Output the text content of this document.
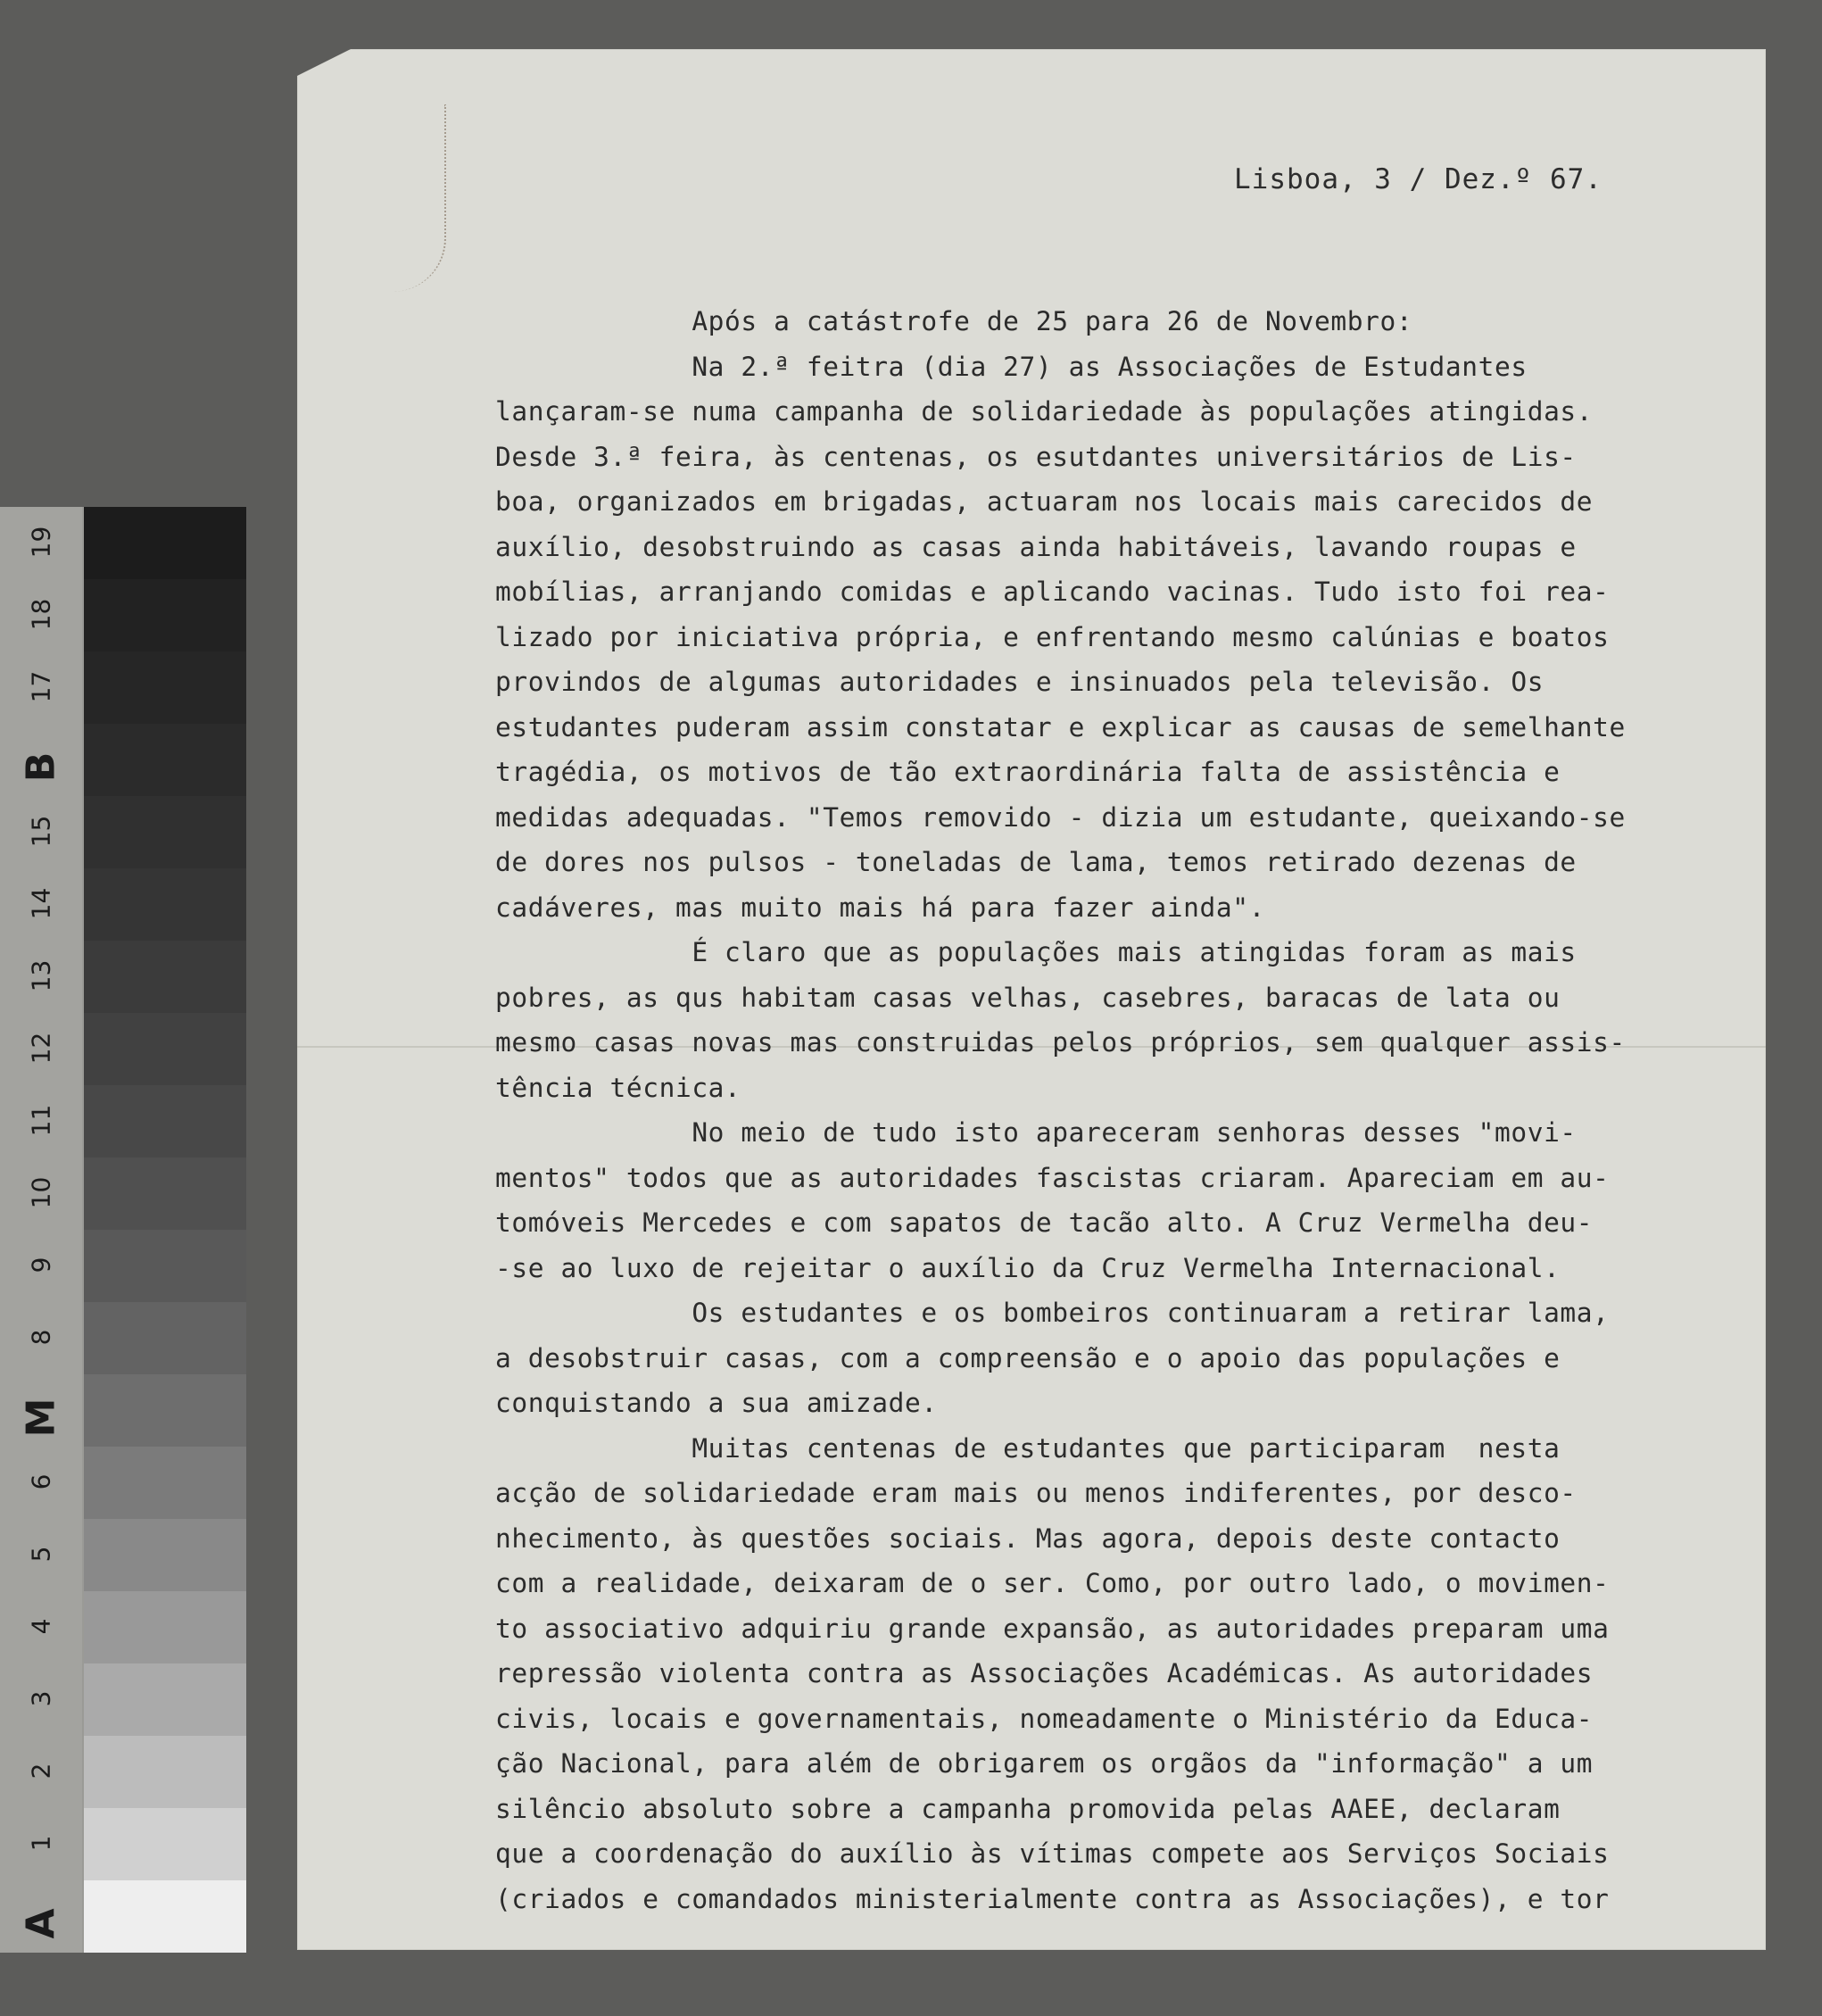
19
18
17
B
15
14
13
12
11
10
9
8
M
6
5
4
3
2
1
A
Lisboa, 3 / Dez.º 67.
Após a catástrofe de 25 para 26 de Novembro:
Na 2.ª feitra (dia 27) as Associações de Estudantes
lançaram-se numa campanha de solidariedade às populações atingidas.
Desde 3.ª feira, às centenas, os esutdantes universitários de Lis-
boa, organizados em brigadas, actuaram nos locais mais carecidos de
auxílio, desobstruindo as casas ainda habitáveis, lavando roupas e
mobílias, arranjando comidas e aplicando vacinas. Tudo isto foi rea-
lizado por iniciativa própria, e enfrentando mesmo calúnias e boatos
provindos de algumas autoridades e insinuados pela televisão. Os
estudantes puderam assim constatar e explicar as causas de semelhante
tragédia, os motivos de tão extraordinária falta de assistência e
medidas adequadas. "Temos removido - dizia um estudante, queixando-se
de dores nos pulsos - toneladas de lama, temos retirado dezenas de
cadáveres, mas muito mais há para fazer ainda".
É claro que as populações mais atingidas foram as mais
pobres, as qus habitam casas velhas, casebres, baracas de lata ou
mesmo casas novas mas construidas pelos próprios, sem qualquer assis-
tência técnica.
No meio de tudo isto apareceram senhoras desses "movi-
mentos" todos que as autoridades fascistas criaram. Apareciam em au-
tomóveis Mercedes e com sapatos de tacão alto. A Cruz Vermelha deu-
-se ao luxo de rejeitar o auxílio da Cruz Vermelha Internacional.
Os estudantes e os bombeiros continuaram a retirar lama,
a desobstruir casas, com a compreensão e o apoio das populações e
conquistando a sua amizade.
Muitas centenas de estudantes que participaram  nesta
acção de solidariedade eram mais ou menos indiferentes, por desco-
nhecimento, às questões sociais. Mas agora, depois deste contacto
com a realidade, deixaram de o ser. Como, por outro lado, o movimen-
to associativo adquiriu grande expansão, as autoridades preparam uma
repressão violenta contra as Associações Académicas. As autoridades
civis, locais e governamentais, nomeadamente o Ministério da Educa-
ção Nacional, para além de obrigarem os orgãos da "informação" a um
silêncio absoluto sobre a campanha promovida pelas AAEE, declaram
que a coordenação do auxílio às vítimas compete aos Serviços Sociais
(criados e comandados ministerialmente contra as Associações), e tor
